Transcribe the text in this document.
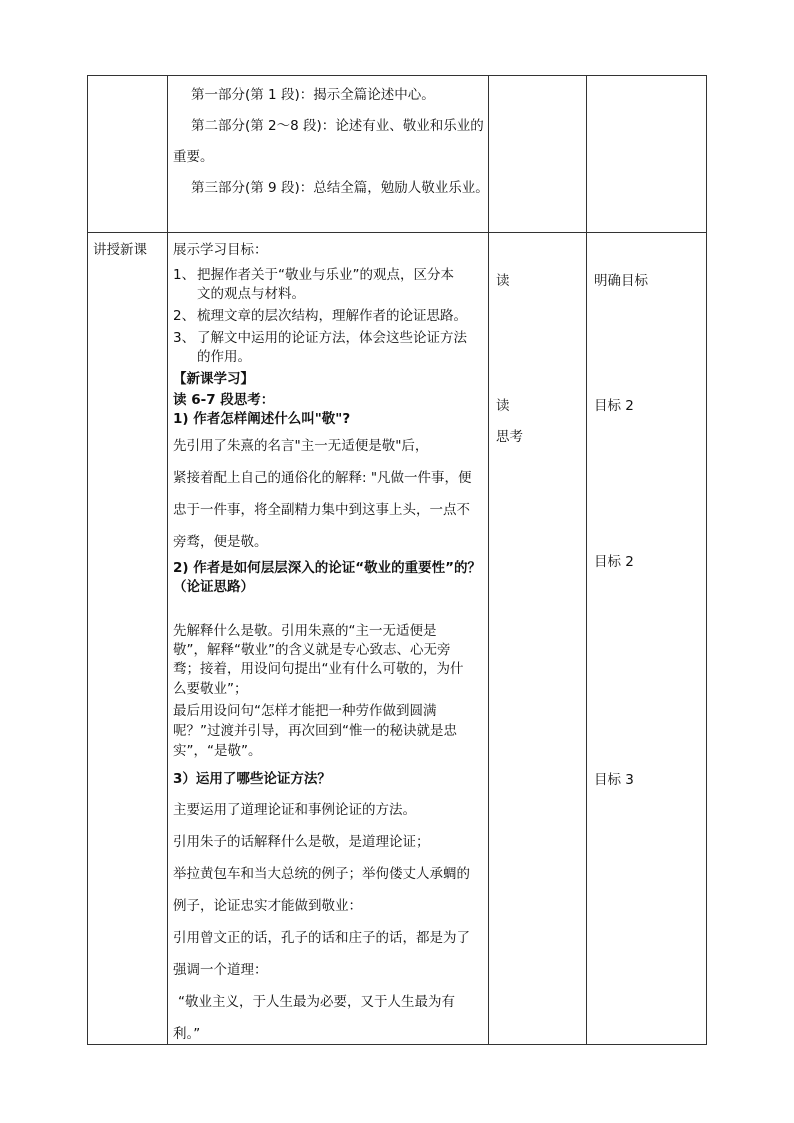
第一部分(第 1 段)：揭示全篇论述中心。
第二部分(第 2～8 段)：论述有业、敬业和乐业的
重要。
第三部分(第 9 段)：总结全篇，勉励人敬业乐业。
讲授新课 展示学习目标：
1、 把握作者关于“敬业与乐业”的观点，区分本
文的观点与材料。
2、 梳理文章的层次结构，理解作者的论证思路。
3、 了解文中运用的论证方法，体会这些论证方法
的作用。
【新课学习】
读 6-7 段思考：
1) 作者怎样阐述什么叫"敬"?
先引用了朱熹的名言"主一无适便是敬"后，
紧接着配上自己的通俗化的解释: "凡做一件事，便
忠于一件事，将全副精力集中到这事上头，一点不
旁骛，便是敬。
2) 作者是如何层层深入的论证“敬业的重要性”的？
（论证思路）
先解释什么是敬。引用朱熹的“主一无适便是
敬”，解释“敬业”的含义就是专心致志、心无旁
骛；接着，用设问句提出“业有什么可敬的，为什
么要敬业”；
最后用设问句“怎样才能把一种劳作做到圆满
呢？”过渡并引导，再次回到“惟一的秘诀就是忠
实”，“是敬”。
3）运用了哪些论证方法？
主要运用了道理论证和事例论证的方法。
引用朱子的话解释什么是敬，是道理论证；
举拉黄包车和当大总统的例子；举佝偻丈人承蜩的
例子，论证忠实才能做到敬业：
引用曾文正的话，孔子的话和庄子的话，都是为了
强调一个道理：
“敬业主义，于人生最为必要，又于人生最为有
利。”
读
读
思考
明确目标
目标 2
目标 2
目标 3
